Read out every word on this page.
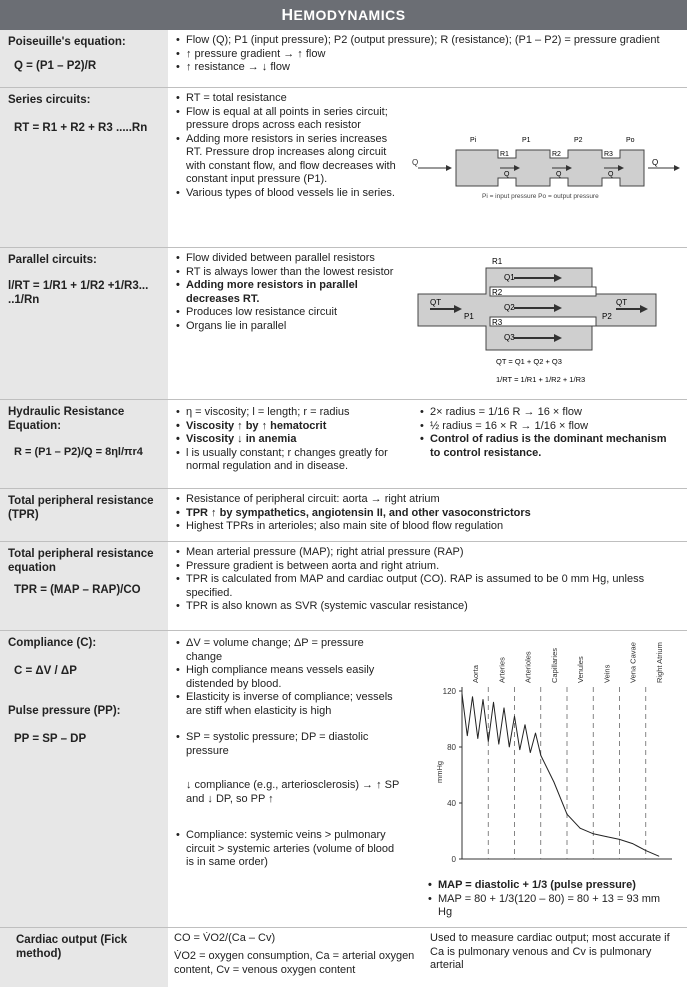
HEMODYNAMICS
Poiseuille's equation:
Q = (P1 – P2)/R
• Flow (Q); P1 (input pressure); P2 (output pressure); R (resistance); (P1 – P2) = pressure gradient
• ↑ pressure gradient → ↑ flow
• ↑ resistance → ↓ flow
Series circuits:
RT = R1 + R2 + R3 .....Rn
• RT = total resistance
• Flow is equal at all points in series circuit; pressure drops across each resistor
• Adding more resistors in series increases RT. Pressure drop increases along circuit with constant flow, and flow decreases with constant input pressure (P1).
• Various types of blood vessels lie in series.
Q
Q	Q	Q
R1	R2	R3
Pi	P1	P2	Po
Q
Pi = input pressure Po = output pressure
Parallel circuits:
l/RT = 1/R1 + 1/R2 +1/R3... ..1/Rn
• Flow divided between parallel resistors
• RT is always lower than the lowest resistor
• Adding more resistors in parallel decreases RT.
• Produces low resistance circuit
• Organs lie in parallel
R1
R2
R3
Q1
Q2
Q3
QT	QT
P1	P2
QT = Q1 + Q2 + Q3
1/RT = 1/R1 + 1/R2 + 1/R3
Hydraulic Resistance Equation:
R = (P1 – P2)/Q = 8ηl/πr4
• η = viscosity; l = length; r = radius
• Viscosity ↑ by ↑ hematocrit
• Viscosity ↓ in anemia
• l is usually constant; r changes greatly for normal regulation and in disease.
• 2× radius = 1/16 R → 16 × flow
• ½ radius = 16 × R → 1/16 × flow
• Control of radius is the dominant mechanism to control resistance.
Total peripheral resistance (TPR)
• Resistance of peripheral circuit: aorta → right atrium
• TPR ↑ by sympathetics, angiotensin II, and other vasoconstrictors
• Highest TPRs in arterioles; also main site of blood flow regulation
Total peripheral resistance equation
TPR = (MAP – RAP)/CO
• Mean arterial pressure (MAP); right atrial pressure (RAP)
• Pressure gradient is between aorta and right atrium.
• TPR is calculated from MAP and cardiac output (CO). RAP is assumed to be 0 mm Hg, unless specified.
• TPR is also known as SVR (systemic vascular resistance)
Compliance (C):
C = ΔV / ΔP
Pulse pressure (PP):
PP = SP – DP
• ΔV = volume change; ΔP = pressure change
• High compliance means vessels easily distended by blood.
• Elasticity is inverse of compliance; vessels are stiff when elasticity is high
• SP = systolic pressure; DP = diastolic pressure
↓ compliance (e.g., arteriosclerosis) → ↑ SP and ↓ DP, so PP ↑
• Compliance: systemic veins > pulmonary circuit > systemic arteries (volume of blood is in same order)
120
80
40
0
mmHg
Aorta Arteries Arterioles Capillaries Venules Veins Vena Cavae Right Atrium
• MAP = diastolic + 1/3 (pulse pressure)
• MAP = 80 + 1/3(120 – 80) = 80 + 13 = 93 mm Hg
Cardiac output (Fick method)
CO = V̇O2/(Ca – Cv)
V̇O2 = oxygen consumption, Ca = arterial oxygen content, Cv = venous oxygen content
Used to measure cardiac output; most accurate if Ca is pulmonary venous and Cv is pulmonary arterial
